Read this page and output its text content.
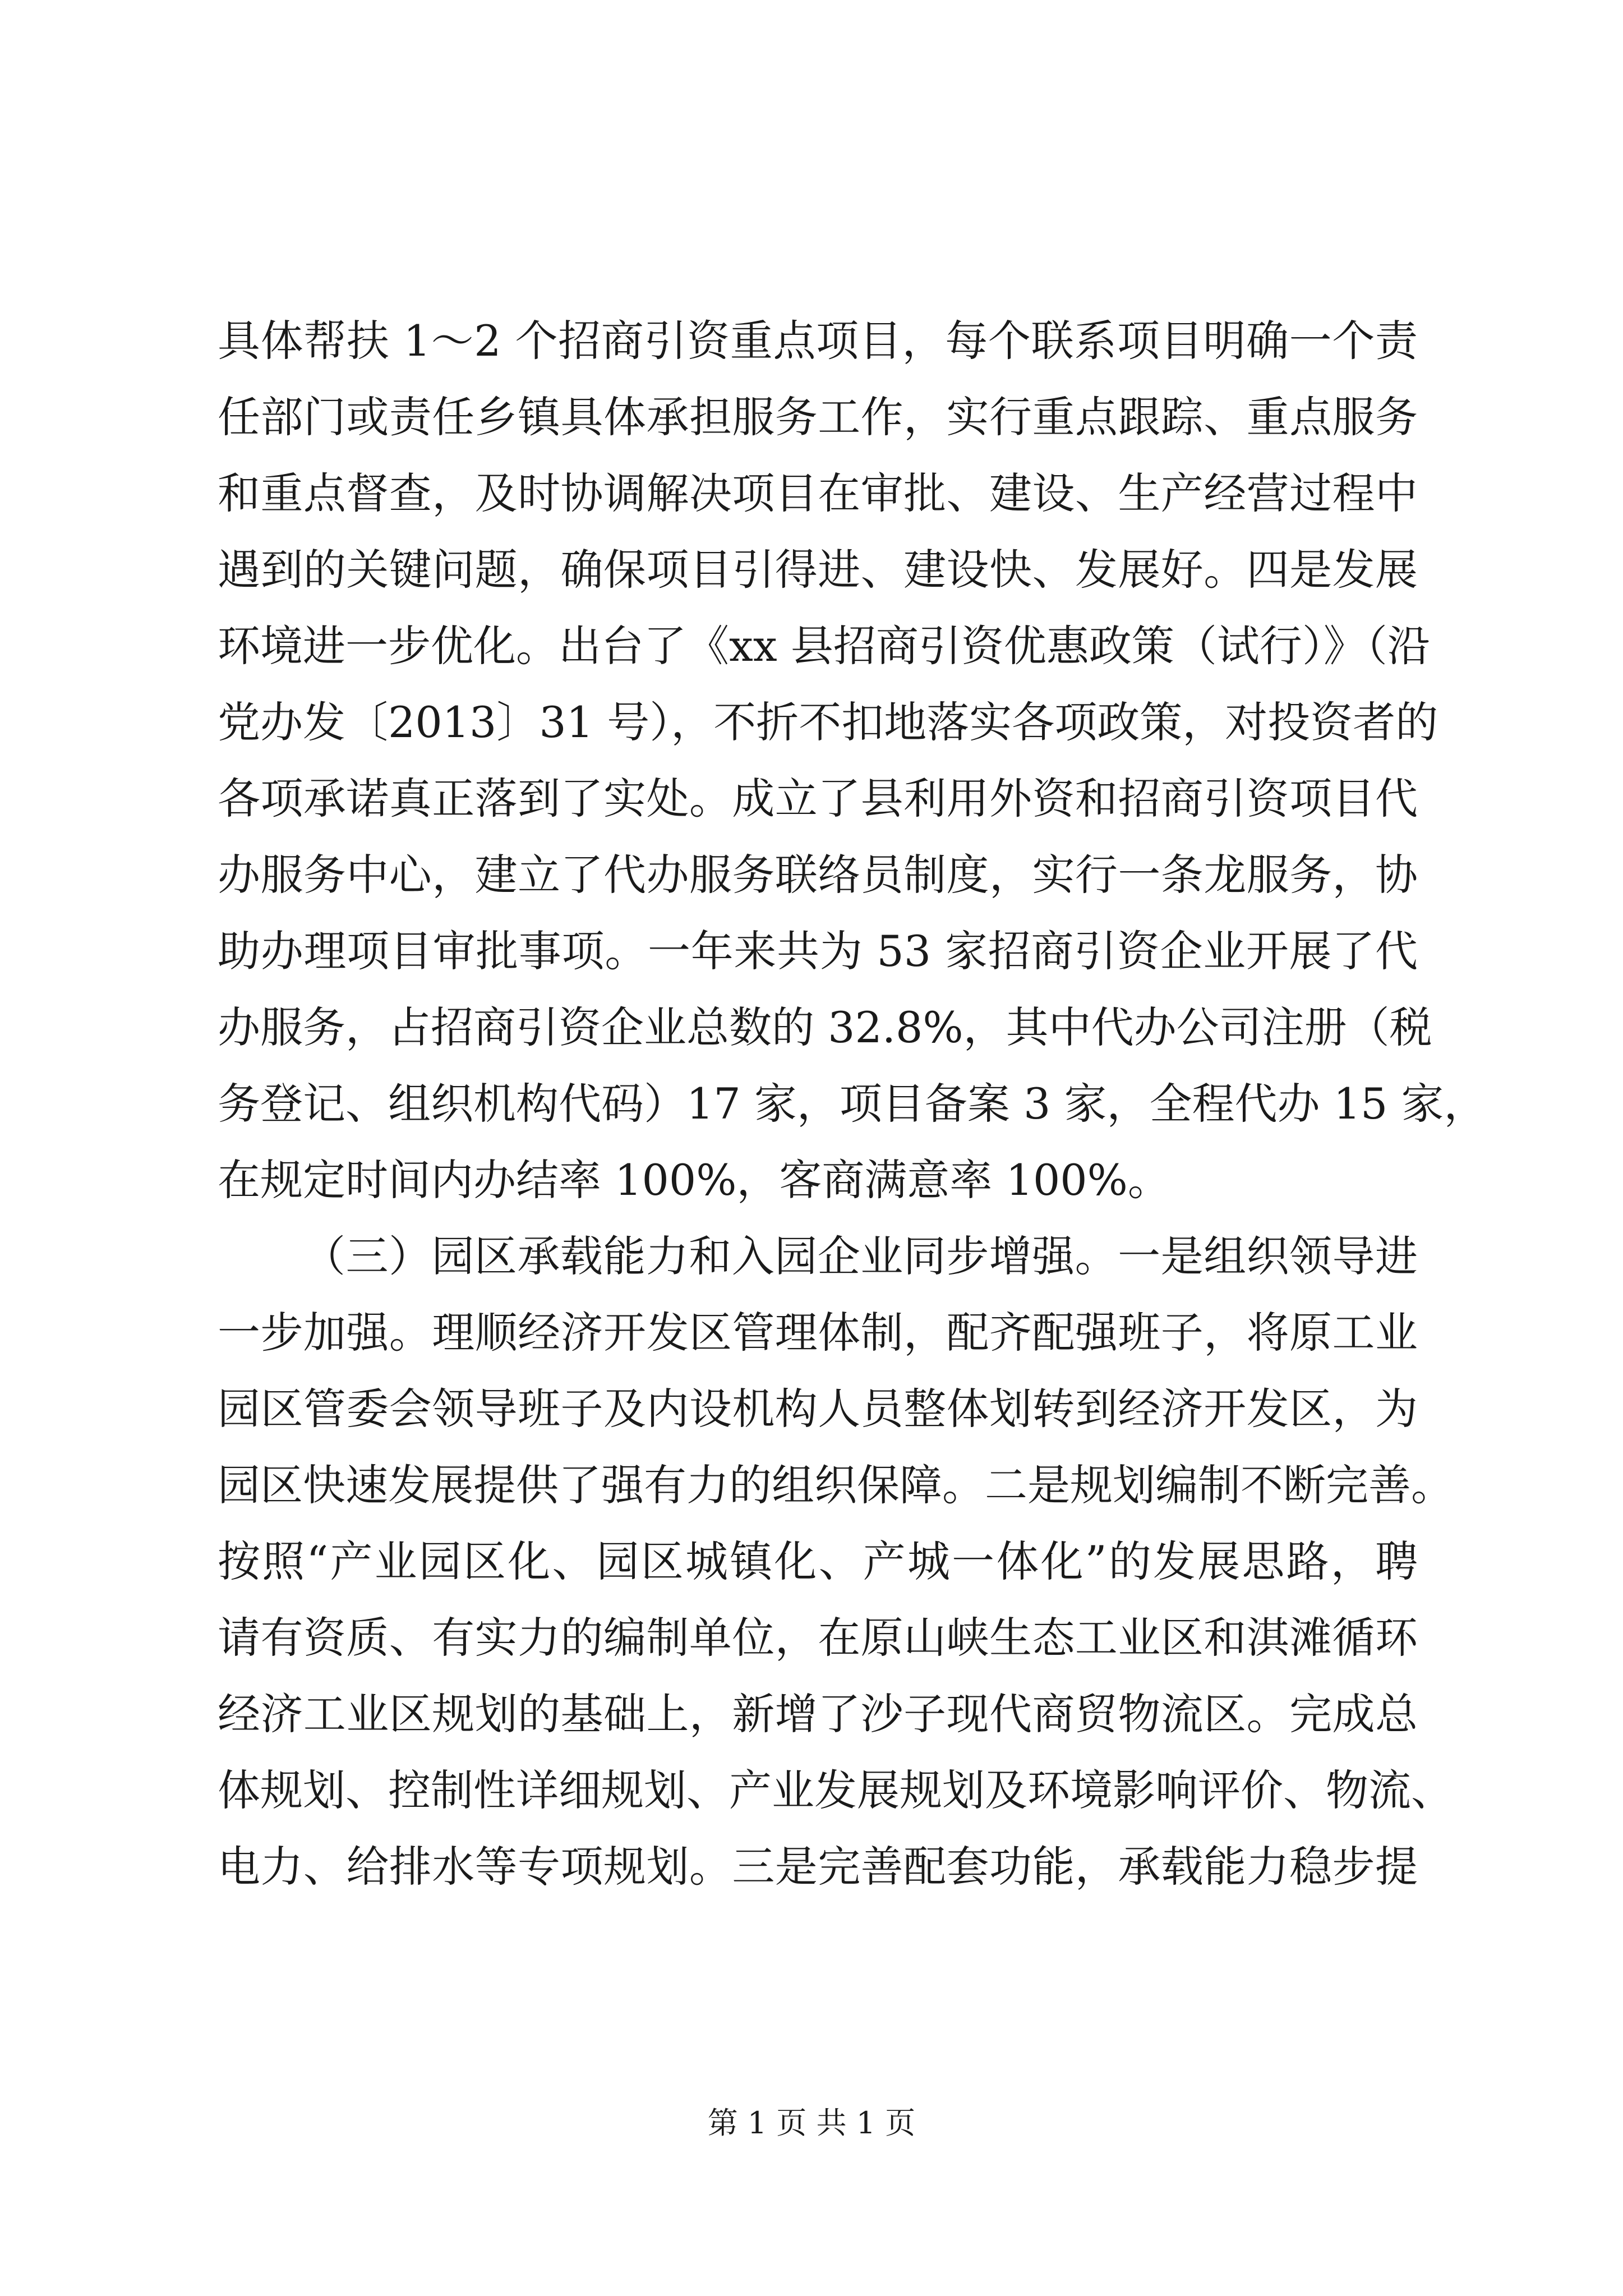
具体帮扶 1～2 个招商引资重点项目，每个联系项目明确一个责
任部门或责任乡镇具体承担服务工作，实行重点跟踪、重点服务
和重点督查，及时协调解决项目在审批、建设、生产经营过程中
遇到的关键问题，确保项目引得进、建设快、发展好。四是发展
环境进一步优化。出台了《xx 县招商引资优惠政策（试行）》（沿
党办发〔2013〕31 号），不折不扣地落实各项政策，对投资者的
各项承诺真正落到了实处。成立了县利用外资和招商引资项目代
办服务中心，建立了代办服务联络员制度，实行一条龙服务，协
助办理项目审批事项。一年来共为 53 家招商引资企业开展了代
办服务，占招商引资企业总数的 32.8%，其中代办公司注册（税
务登记、组织机构代码）17 家，项目备案 3 家，全程代办 15 家，
在规定时间内办结率 100%，客商满意率 100%。
（三）园区承载能力和入园企业同步增强。一是组织领导进
一步加强。理顺经济开发区管理体制，配齐配强班子，将原工业
园区管委会领导班子及内设机构人员整体划转到经济开发区，为
园区快速发展提供了强有力的组织保障。二是规划编制不断完善。
按照“产业园区化、园区城镇化、产城一体化”的发展思路，聘
请有资质、有实力的编制单位，在原山峡生态工业区和淇滩循环
经济工业区规划的基础上，新增了沙子现代商贸物流区。完成总
体规划、控制性详细规划、产业发展规划及环境影响评价、物流、
电力、给排水等专项规划。三是完善配套功能，承载能力稳步提
第 1 页 共 1 页
